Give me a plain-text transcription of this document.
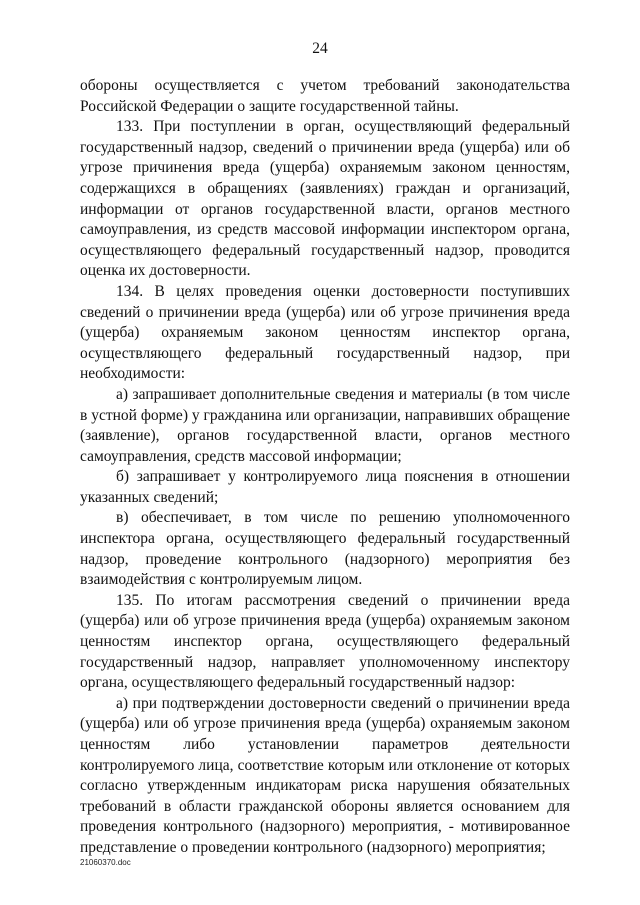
24

обороны осуществляется с учетом требований законодательства Российской Федерации о защите государственной тайны.

133. При поступлении в орган, осуществляющий федеральный государственный надзор, сведений о причинении вреда (ущерба) или об угрозе причинения вреда (ущерба) охраняемым законом ценностям, содержащихся в обращениях (заявлениях) граждан и организаций, информации от органов государственной власти, органов местного самоуправления, из средств массовой информации инспектором органа, осуществляющего федеральный государственный надзор, проводится оценка их достоверности.

134. В целях проведения оценки достоверности поступивших сведений о причинении вреда (ущерба) или об угрозе причинения вреда (ущерба) охраняемым законом ценностям инспектор органа, осуществляющего федеральный государственный надзор, при необходимости:

а) запрашивает дополнительные сведения и материалы (в том числе в устной форме) у гражданина или организации, направивших обращение (заявление), органов государственной власти, органов местного самоуправления, средств массовой информации;

б) запрашивает у контролируемого лица пояснения в отношении указанных сведений;

в) обеспечивает, в том числе по решению уполномоченного инспектора органа, осуществляющего федеральный государственный надзор, проведение контрольного (надзорного) мероприятия без взаимодействия с контролируемым лицом.

135. По итогам рассмотрения сведений о причинении вреда (ущерба) или об угрозе причинения вреда (ущерба) охраняемым законом ценностям инспектор органа, осуществляющего федеральный государственный надзор, направляет уполномоченному инспектору органа, осуществляющего федеральный государственный надзор:

а) при подтверждении достоверности сведений о причинении вреда (ущерба) или об угрозе причинения вреда (ущерба) охраняемым законом ценностям либо установлении параметров деятельности контролируемого лица, соответствие которым или отклонение от которых согласно утвержденным индикаторам риска нарушения обязательных требований в области гражданской обороны является основанием для проведения контрольного (надзорного) мероприятия, - мотивированное представление о проведении контрольного (надзорного) мероприятия;

21060370.doc
